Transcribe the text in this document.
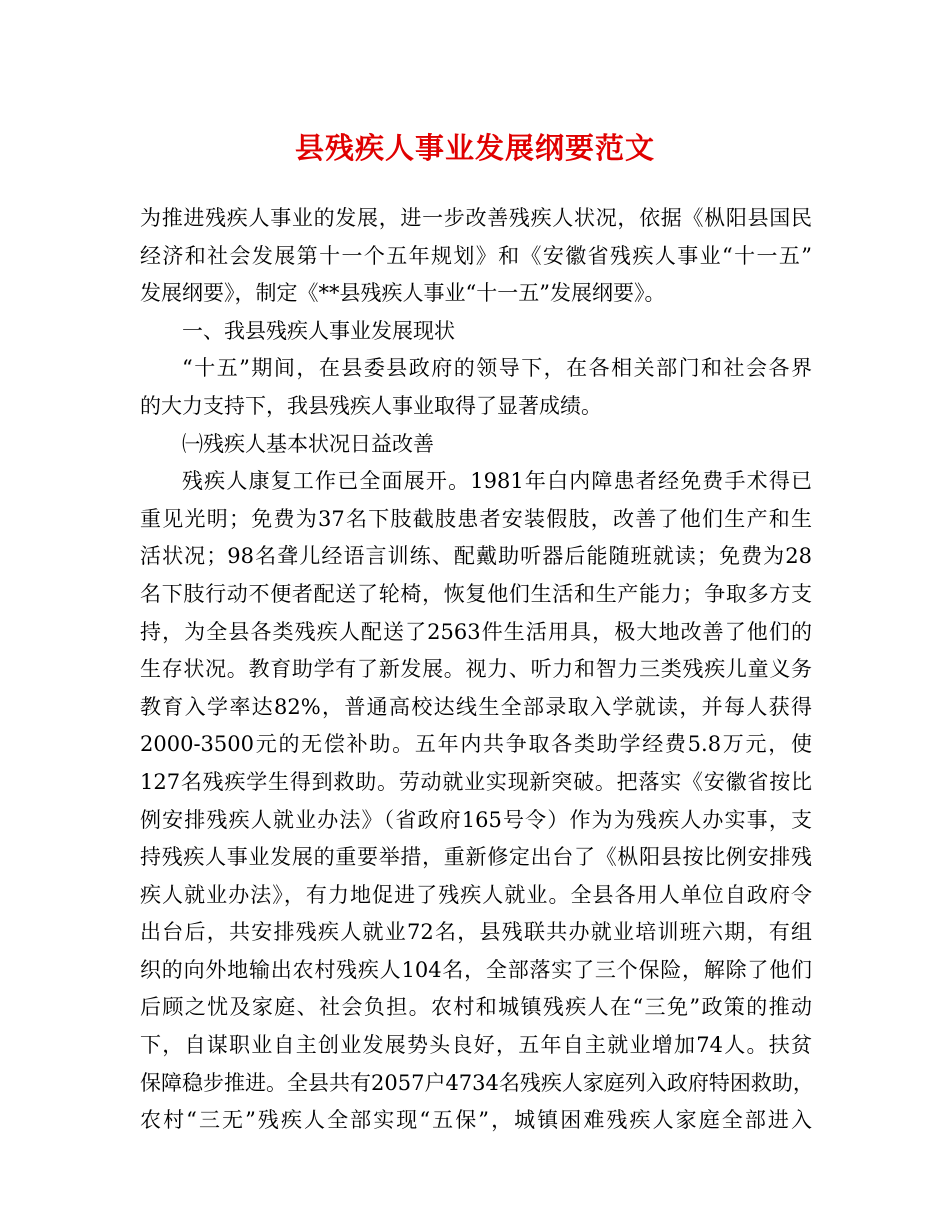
县残疾人事业发展纲要范文
为推进残疾人事业的发展，进一步改善残疾人状况，依据《枞阳县国民
经济和社会发展第十一个五年规划》和《安徽省残疾人事业“十一五”
发展纲要》，制定《**县残疾人事业“十一五”发展纲要》。
一、我县残疾人事业发展现状
“十五”期间，在县委县政府的领导下，在各相关部门和社会各界
的大力支持下，我县残疾人事业取得了显著成绩。
㈠残疾人基本状况日益改善
残疾人康复工作已全面展开。1981年白内障患者经免费手术得已
重见光明；免费为37名下肢截肢患者安装假肢，改善了他们生产和生
活状况；98名聋儿经语言训练、配戴助听器后能随班就读；免费为28
名下肢行动不便者配送了轮椅，恢复他们生活和生产能力；争取多方支
持，为全县各类残疾人配送了2563件生活用具，极大地改善了他们的
生存状况。教育助学有了新发展。视力、听力和智力三类残疾儿童义务
教育入学率达82%，普通高校达线生全部录取入学就读，并每人获得
2000-3500元的无偿补助。五年内共争取各类助学经费5.8万元，使
127名残疾学生得到救助。劳动就业实现新突破。把落实《安徽省按比
例安排残疾人就业办法》（省政府165号令）作为为残疾人办实事，支
持残疾人事业发展的重要举措，重新修定出台了《枞阳县按比例安排残
疾人就业办法》，有力地促进了残疾人就业。全县各用人单位自政府令
出台后，共安排残疾人就业72名，县残联共办就业培训班六期，有组
织的向外地输出农村残疾人104名，全部落实了三个保险，解除了他们
后顾之忧及家庭、社会负担。农村和城镇残疾人在“三免”政策的推动
下，自谋职业自主创业发展势头良好，五年自主就业增加74人。扶贫
保障稳步推进。全县共有2057户4734名残疾人家庭列入政府特困救助，
农村“三无”残疾人全部实现“五保”，城镇困难残疾人家庭全部进入
